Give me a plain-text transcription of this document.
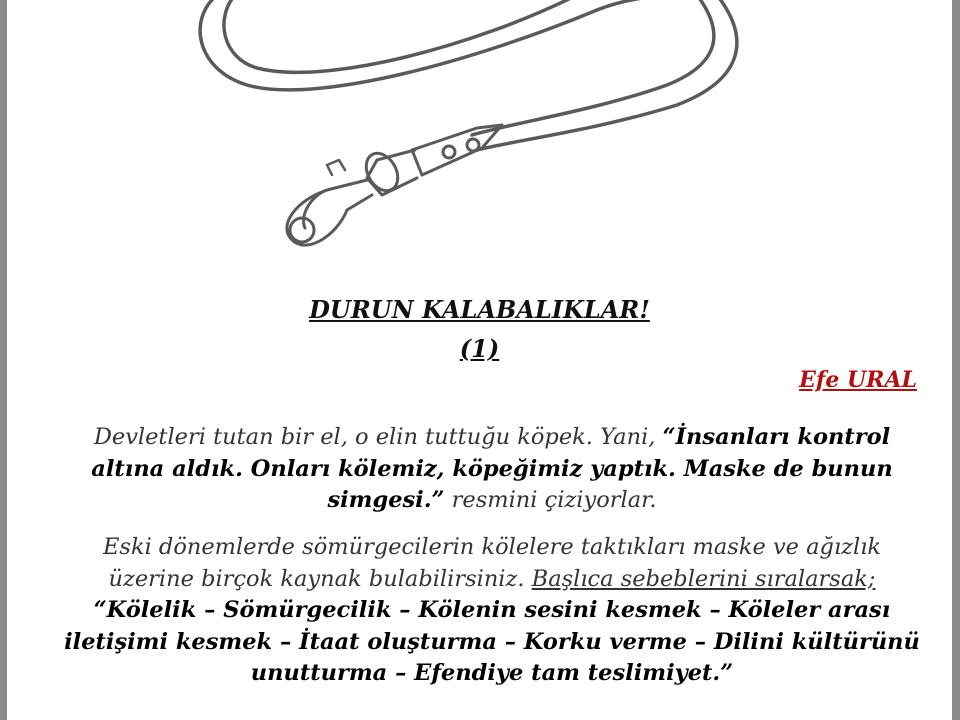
DURUN KALABALIKLAR!
(1)
Efe URAL
Devletleri tutan bir el, o elin tuttuğu köpek. Yani, “İnsanları kontrol altına aldık. Onları kölemiz, köpeğimiz yaptık. Maske de bunun simgesi.” resmini çiziyorlar.
Eski dönemlerde sömürgecilerin kölelere taktıkları maske ve ağızlık üzerine birçok kaynak bulabilirsiniz. Başlıca sebeblerini sıralarsak; “Kölelik – Sömürgecilik – Kölenin sesini kesmek – Köleler arası iletişimi kesmek – İtaat oluşturma – Korku verme – Dilini kültürünü unutturma – Efendiye tam teslimiyet.”
